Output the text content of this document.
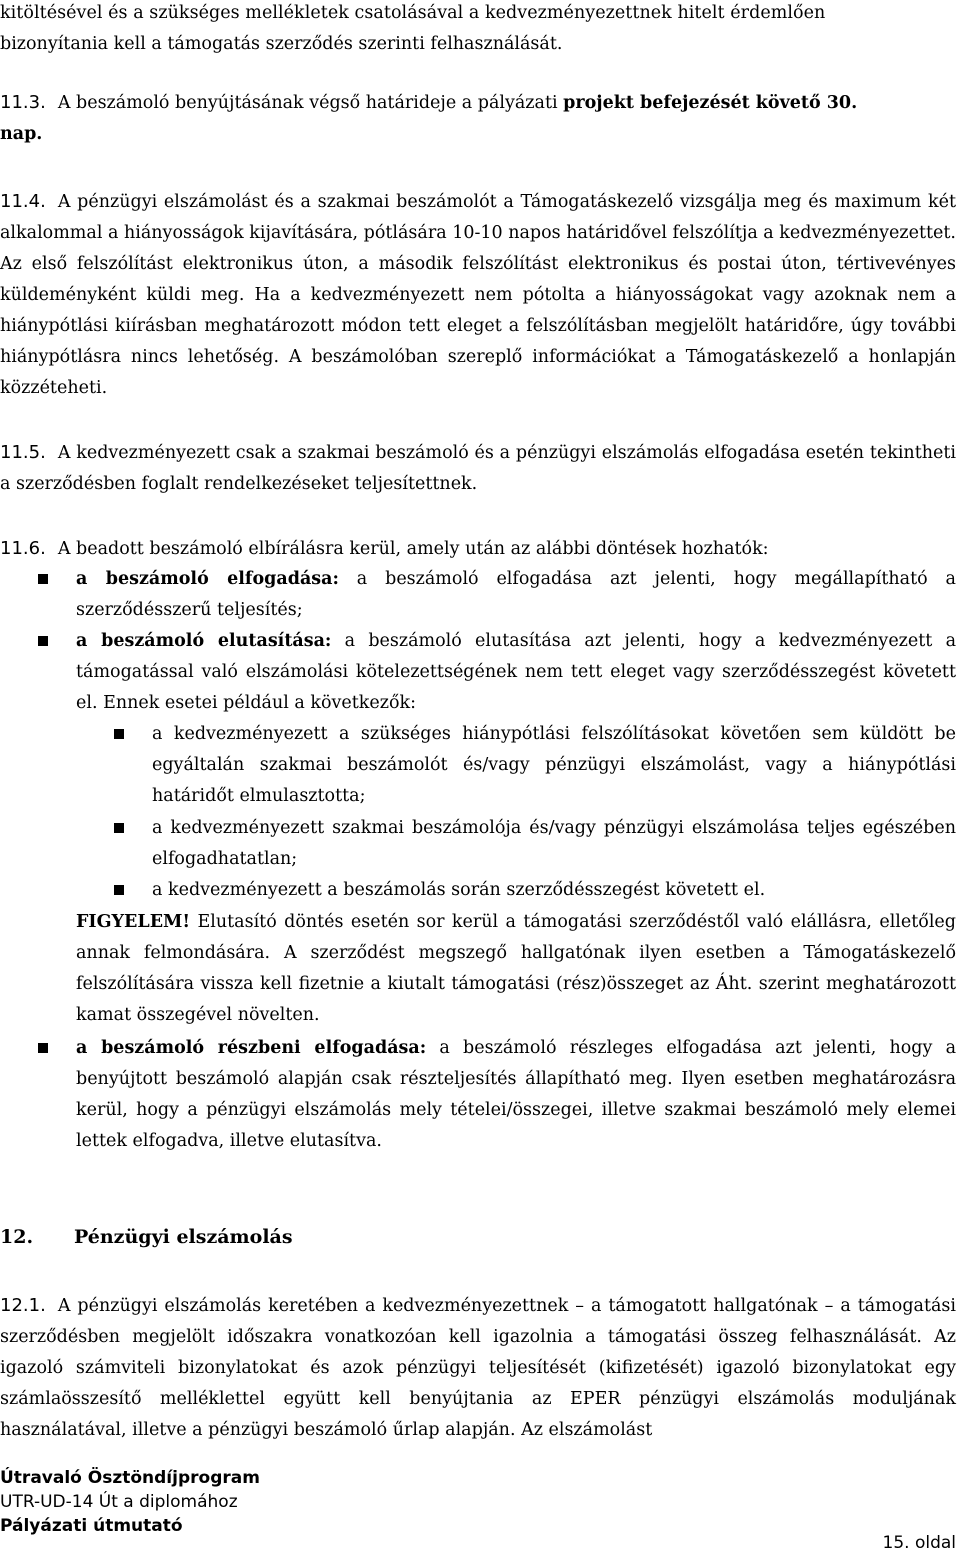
kitöltésével és a szükséges mellékletek csatolásával a kedvezményezettnek hitelt érdemlően
bizonyítania kell a támogatás szerződés szerinti felhasználását.
11.3. A beszámoló benyújtásának végső határideje a pályázati projekt befejezését követő 30.
nap.
11.4. A pénzügyi elszámolást és a szakmai beszámolót a Támogatáskezelő vizsgálja meg és maximum két alkalommal a hiányosságok kijavítására, pótlására 10-10 napos határidővel felszólítja a kedvezményezettet. Az első felszólítást elektronikus úton, a második felszólítást elektronikus és postai úton, tértivevényes küldeményként küldi meg. Ha a kedvezményezett nem pótolta a hiányosságokat vagy azoknak nem a hiánypótlási kiírásban meghatározott módon tett eleget a felszólításban megjelölt határidőre, úgy további hiánypótlásra nincs lehetőség. A beszámolóban szereplő információkat a Támogatáskezelő a honlapján közzéteheti.
11.5. A kedvezményezett csak a szakmai beszámoló és a pénzügyi elszámolás elfogadása esetén tekintheti a szerződésben foglalt rendelkezéseket teljesítettnek.
11.6. A beadott beszámoló elbírálásra kerül, amely után az alábbi döntések hozhatók:
a beszámoló elfogadása: a beszámoló elfogadása azt jelenti, hogy megállapítható a szerződésszerű teljesítés;
a beszámoló elutasítása: a beszámoló elutasítása azt jelenti, hogy a kedvezményezett a támogatással való elszámolási kötelezettségének nem tett eleget vagy szerződésszegést követett el. Ennek esetei például a következők:
a kedvezményezett a szükséges hiánypótlási felszólításokat követően sem küldött be egyáltalán szakmai beszámolót és/vagy pénzügyi elszámolást, vagy a hiánypótlási határidőt elmulasztotta;
a kedvezményezett szakmai beszámolója és/vagy pénzügyi elszámolása teljes egészében elfogadhatatlan;
a kedvezményezett a beszámolás során szerződésszegést követett el.
FIGYELEM! Elutasító döntés esetén sor kerül a támogatási szerződéstől való elállásra, elletőleg annak felmondására. A szerződést megszegő hallgatónak ilyen esetben a Támogatáskezelő felszólítására vissza kell fizetnie a kiutalt támogatási (rész)összeget az Áht. szerint meghatározott kamat összegével növelten.
a beszámoló részbeni elfogadása: a beszámoló részleges elfogadása azt jelenti, hogy a benyújtott beszámoló alapján csak részteljesítés állapítható meg. Ilyen esetben meghatározásra kerül, hogy a pénzügyi elszámolás mely tételei/összegei, illetve szakmai beszámoló mely elemei lettek elfogadva, illetve elutasítva.
12. Pénzügyi elszámolás
12.1. A pénzügyi elszámolás keretében a kedvezményezettnek – a támogatott hallgatónak – a támogatási szerződésben megjelölt időszakra vonatkozóan kell igazolnia a támogatási összeg felhasználását. Az igazoló számviteli bizonylatokat és azok pénzügyi teljesítését (kifizetését) igazoló bizonylatokat egy számlaösszesítő melléklettel együtt kell benyújtania az EPER pénzügyi elszámolás moduljának használatával, illetve a pénzügyi beszámoló űrlap alapján. Az elszámolást
Útravaló Ösztöndíjprogram
UTR-UD-14 Út a diplomához
Pályázati útmutató
15. oldal
